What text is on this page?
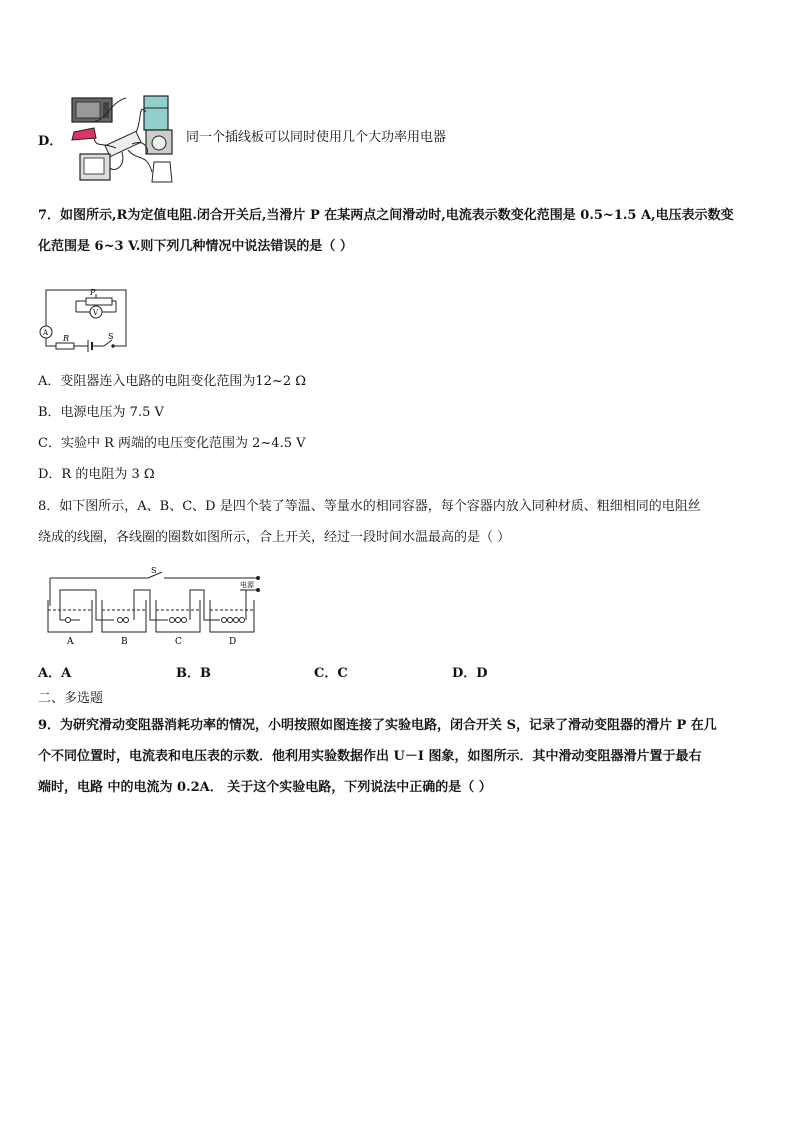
D．	同一个插线板可以同时使用几个大功率用电器
7．如图所示,R为定值电阻.闭合开关后,当滑片 P 在某两点之间滑动时,电流表示数变化范围是 0.5~1.5 A,电压表示数变
化范围是 6~3 V.则下列几种情况中说法错误的是（ ）
P
V
A
R	S
A．变阻器连入电路的电阻变化范围为12~2 Ω
B．电源电压为 7.5 V
C．实验中 R 两端的电压变化范围为 2~4.5 V
D．R 的电阻为 3 Ω
8．如下图所示，A、B、C、D 是四个装了等温、等量水的相同容器，每个容器内放入同种材质、粗细相同的电阻丝
绕成的线圈，各线圈的圈数如图所示，合上开关，经过一段时间水温最高的是（ ）
S
电源
A	B	C	D
A．A	B．B	C．C	D．D
二、多选题
9．为研究滑动变阻器消耗功率的情况，小明按照如图连接了实验电路，闭合开关 S，记录了滑动变阻器的滑片 P 在几
个不同位置时，电流表和电压表的示数．他利用实验数据作出 U－I 图象，如图所示．其中滑动变阻器滑片置于最右
端时，电路 中的电流为 0.2A． 关于这个实验电路，下列说法中正确的是（ ）
